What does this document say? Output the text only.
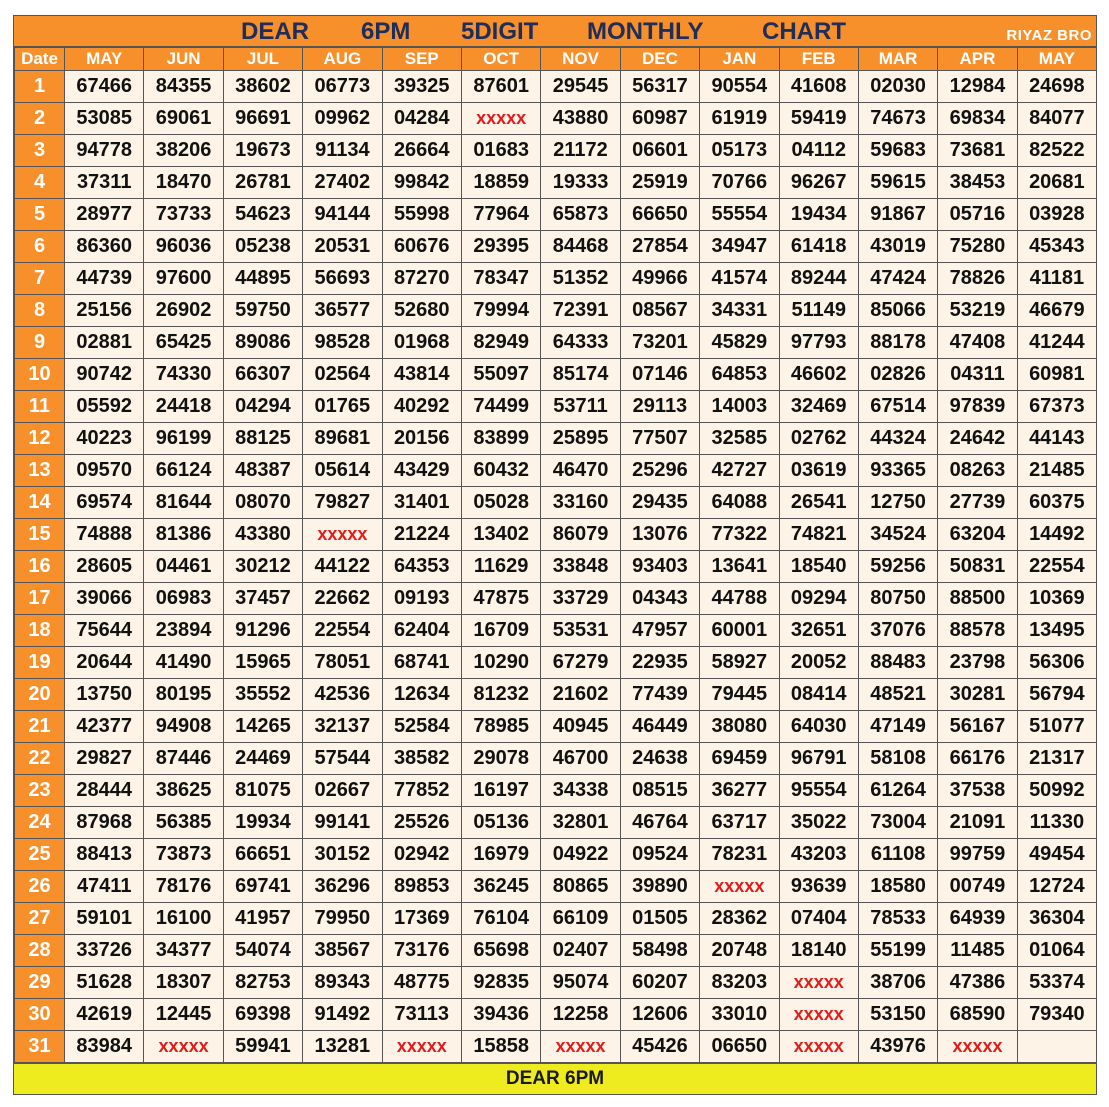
DEAR 6PM 5DIGIT MONTHLY CHART	RIYAZ BRO
Date	MAY	JUN	JUL	AUG	SEP	OCT	NOV	DEC	JAN	FEB	MAR	APR	MAY
1	67466	84355	38602	06773	39325	87601	29545	56317	90554	41608	02030	12984	24698
2	53085	69061	96691	09962	04284	xxxxx	43880	60987	61919	59419	74673	69834	84077
3	94778	38206	19673	91134	26664	01683	21172	06601	05173	04112	59683	73681	82522
4	37311	18470	26781	27402	99842	18859	19333	25919	70766	96267	59615	38453	20681
5	28977	73733	54623	94144	55998	77964	65873	66650	55554	19434	91867	05716	03928
6	86360	96036	05238	20531	60676	29395	84468	27854	34947	61418	43019	75280	45343
7	44739	97600	44895	56693	87270	78347	51352	49966	41574	89244	47424	78826	41181
8	25156	26902	59750	36577	52680	79994	72391	08567	34331	51149	85066	53219	46679
9	02881	65425	89086	98528	01968	82949	64333	73201	45829	97793	88178	47408	41244
10	90742	74330	66307	02564	43814	55097	85174	07146	64853	46602	02826	04311	60981
11	05592	24418	04294	01765	40292	74499	53711	29113	14003	32469	67514	97839	67373
12	40223	96199	88125	89681	20156	83899	25895	77507	32585	02762	44324	24642	44143
13	09570	66124	48387	05614	43429	60432	46470	25296	42727	03619	93365	08263	21485
14	69574	81644	08070	79827	31401	05028	33160	29435	64088	26541	12750	27739	60375
15	74888	81386	43380	xxxxx	21224	13402	86079	13076	77322	74821	34524	63204	14492
16	28605	04461	30212	44122	64353	11629	33848	93403	13641	18540	59256	50831	22554
17	39066	06983	37457	22662	09193	47875	33729	04343	44788	09294	80750	88500	10369
18	75644	23894	91296	22554	62404	16709	53531	47957	60001	32651	37076	88578	13495
19	20644	41490	15965	78051	68741	10290	67279	22935	58927	20052	88483	23798	56306
20	13750	80195	35552	42536	12634	81232	21602	77439	79445	08414	48521	30281	56794
21	42377	94908	14265	32137	52584	78985	40945	46449	38080	64030	47149	56167	51077
22	29827	87446	24469	57544	38582	29078	46700	24638	69459	96791	58108	66176	21317
23	28444	38625	81075	02667	77852	16197	34338	08515	36277	95554	61264	37538	50992
24	87968	56385	19934	99141	25526	05136	32801	46764	63717	35022	73004	21091	11330
25	88413	73873	66651	30152	02942	16979	04922	09524	78231	43203	61108	99759	49454
26	47411	78176	69741	36296	89853	36245	80865	39890	xxxxx	93639	18580	00749	12724
27	59101	16100	41957	79950	17369	76104	66109	01505	28362	07404	78533	64939	36304
28	33726	34377	54074	38567	73176	65698	02407	58498	20748	18140	55199	11485	01064
29	51628	18307	82753	89343	48775	92835	95074	60207	83203	xxxxx	38706	47386	53374
30	42619	12445	69398	91492	73113	39436	12258	12606	33010	xxxxx	53150	68590	79340
31	83984	xxxxx	59941	13281	xxxxx	15858	xxxxx	45426	06650	xxxxx	43976	xxxxx	
DEAR 6PM
